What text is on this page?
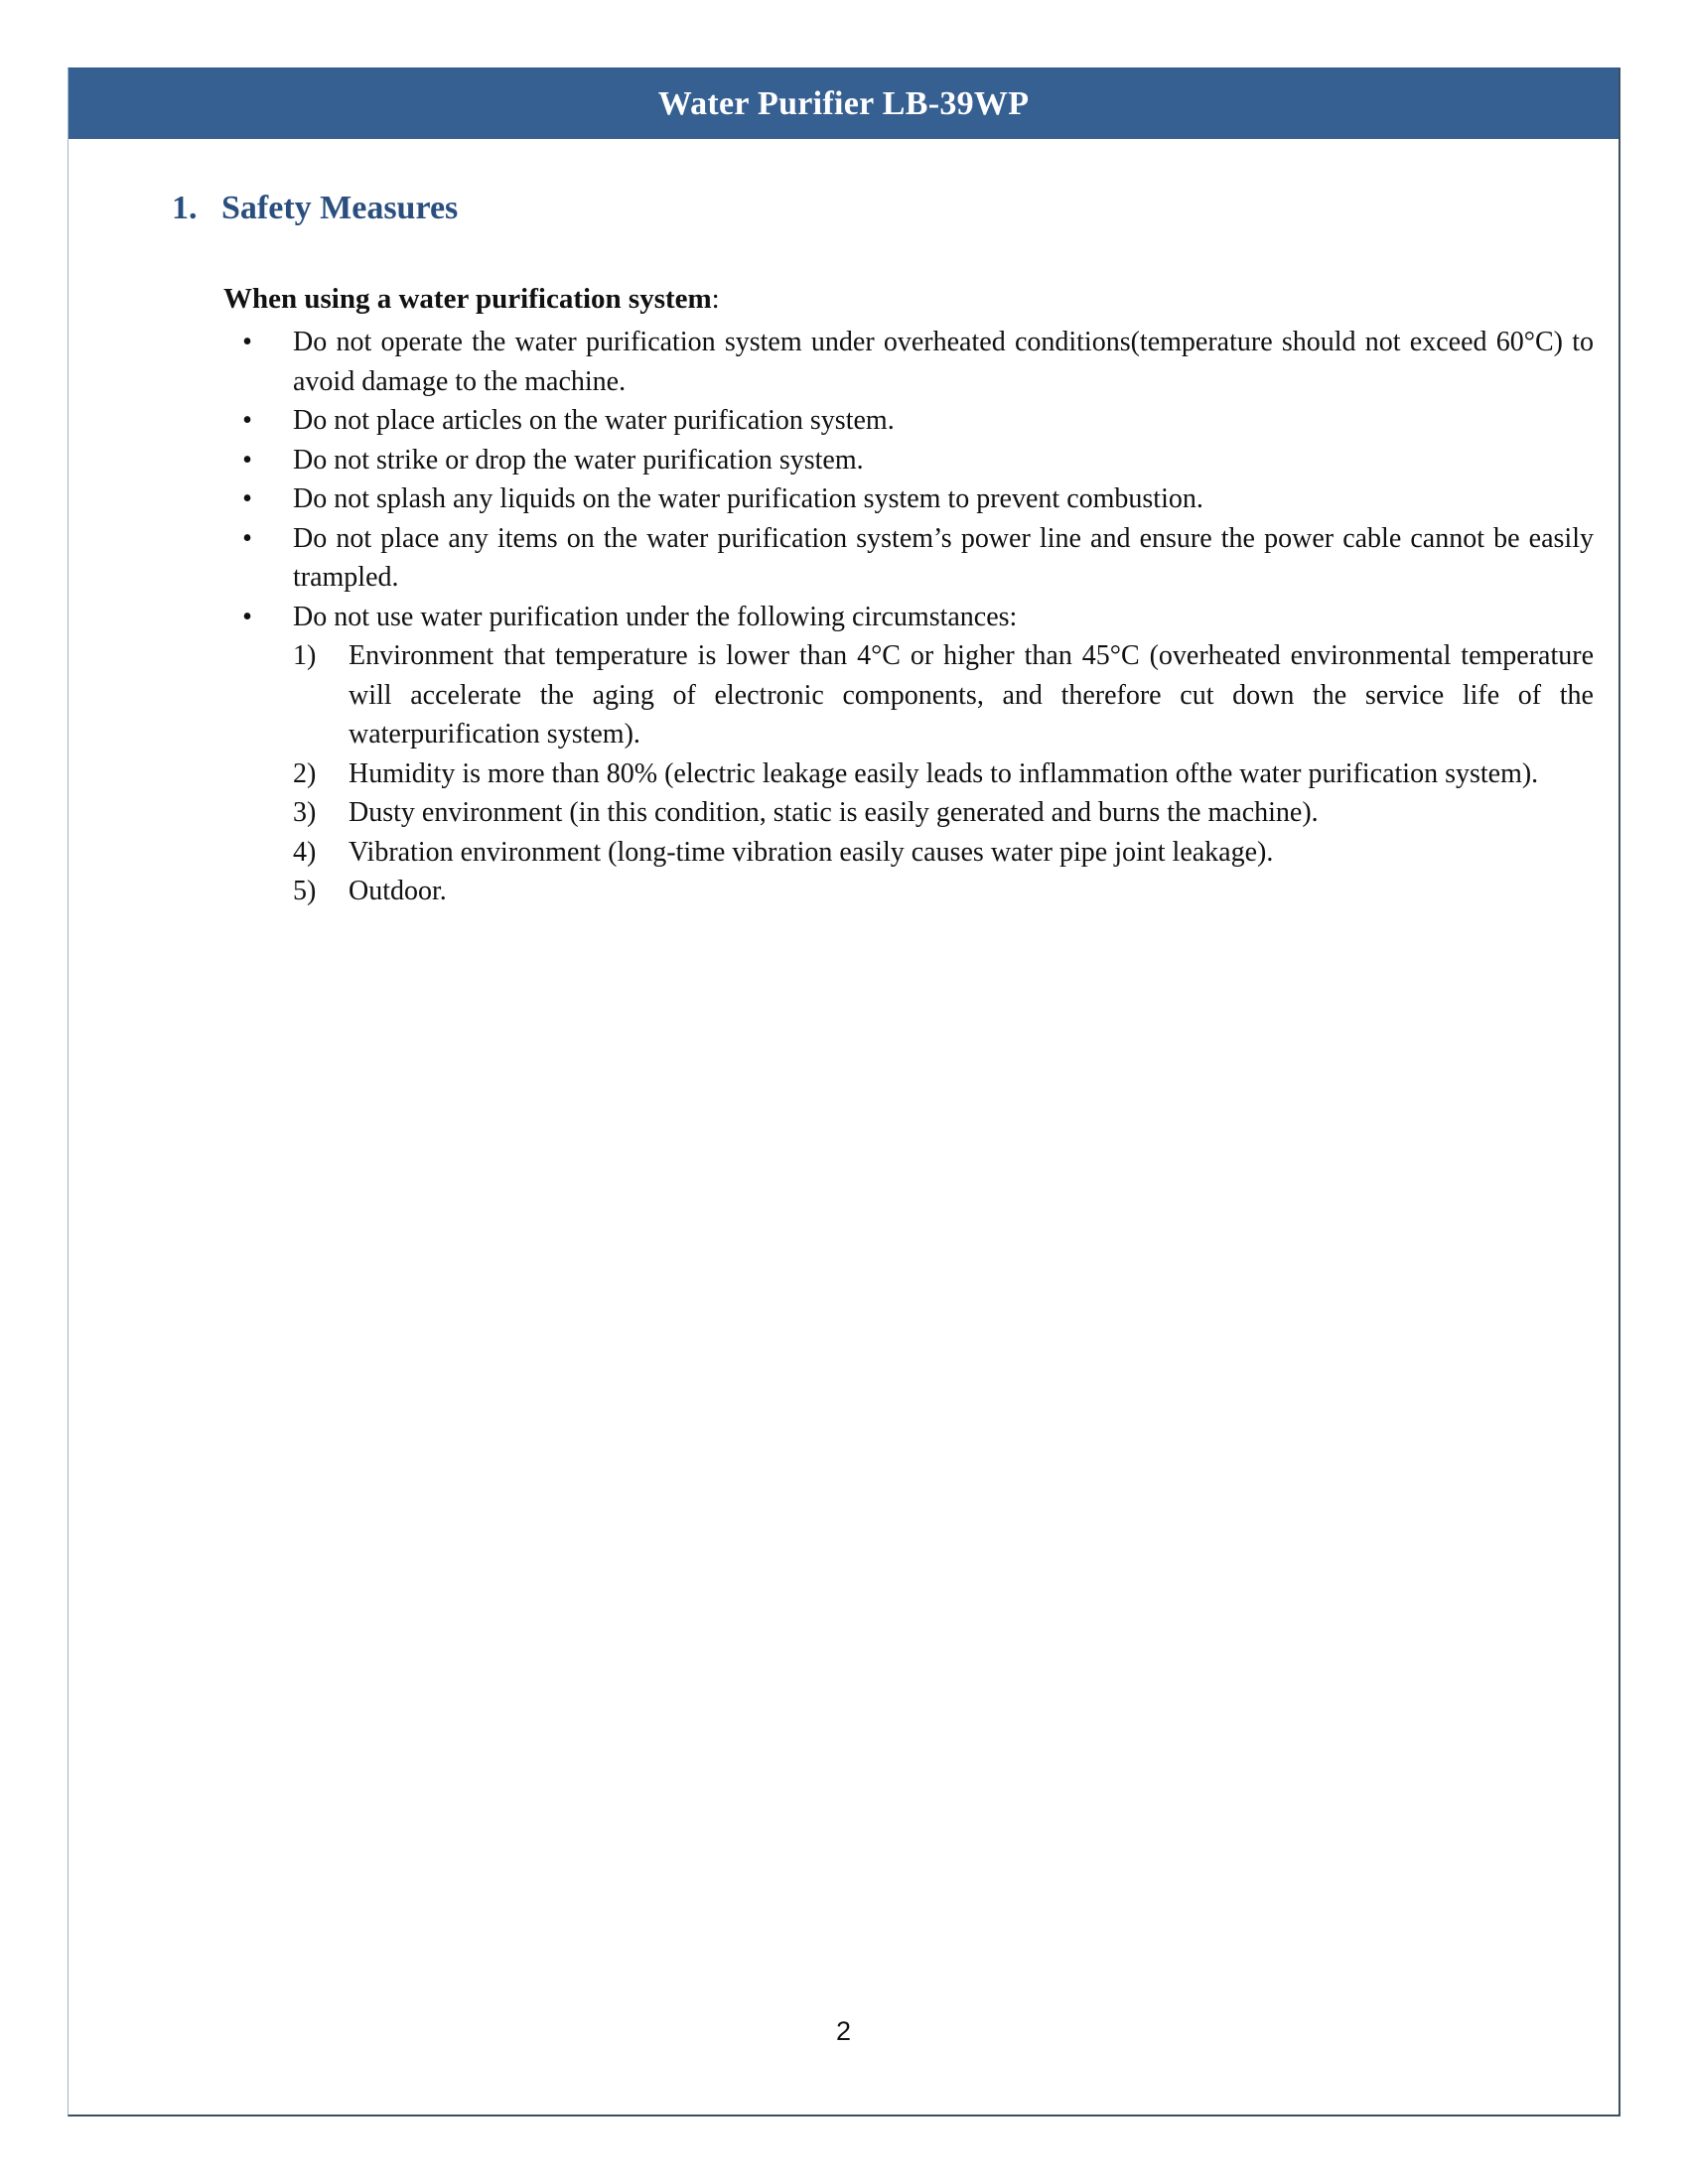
Water Purifier LB-39WP
1. Safety Measures
When using a water purification system:
• Do not operate the water purification system under overheated conditions(temperature should not exceed 60°C) to avoid damage to the machine.
• Do not place articles on the water purification system.
• Do not strike or drop the water purification system.
• Do not splash any liquids on the water purification system to prevent combustion.
• Do not place any items on the water purification system’s power line and ensure the power cable cannot be easily trampled.
• Do not use water purification under the following circumstances:
1) Environment that temperature is lower than 4°C or higher than 45°C (overheated environmental temperature will accelerate the aging of electronic components, and therefore cut down the service life of the waterpurification system).
2) Humidity is more than 80% (electric leakage easily leads to inflammation ofthe water purification system).
3) Dusty environment (in this condition, static is easily generated and burns the machine).
4) Vibration environment (long-time vibration easily causes water pipe joint leakage).
5) Outdoor.
2
